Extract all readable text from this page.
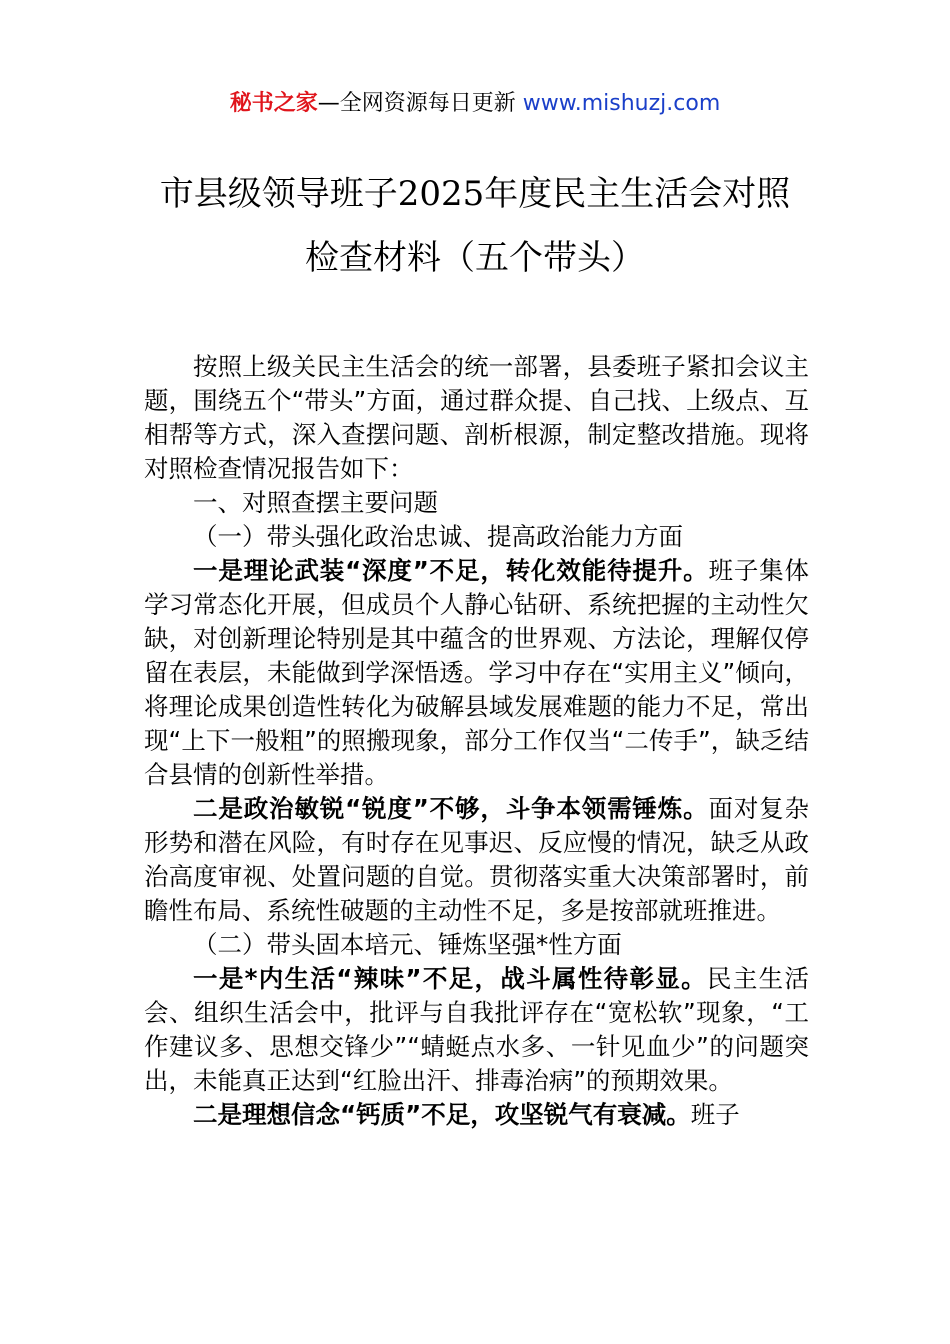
秘书之家—全网资源每日更新 www.mishuzj.com
市县级领导班子2025年度民主生活会对照
检查材料（五个带头）

按照上级关民主生活会的统一部署，县委班子紧扣会议主题，围绕五个“带头”方面，通过群众提、自己找、上级点、互相帮等方式，深入查摆问题、剖析根源，制定整改措施。现将对照检查情况报告如下：

一、对照查摆主要问题

（一）带头强化政治忠诚、提高政治能力方面

一是理论武装“深度”不足，转化效能待提升。班子集体学习常态化开展，但成员个人静心钻研、系统把握的主动性欠缺，对创新理论特别是其中蕴含的世界观、方法论，理解仅停留在表层，未能做到学深悟透。学习中存在“实用主义”倾向，将理论成果创造性转化为破解县域发展难题的能力不足，常出现“上下一般粗”的照搬现象，部分工作仅当“二传手”，缺乏结合县情的创新性举措。

二是政治敏锐“锐度”不够，斗争本领需锤炼。面对复杂形势和潜在风险，有时存在见事迟、反应慢的情况，缺乏从政治高度审视、处置问题的自觉。贯彻落实重大决策部署时，前瞻性布局、系统性破题的主动性不足，多是按部就班推进。

（二）带头固本培元、锤炼坚强*性方面

一是*内生活“辣味”不足，战斗属性待彰显。民主生活会、组织生活会中，批评与自我批评存在“宽松软”现象，“工作建议多、思想交锋少”“蜻蜓点水多、一针见血少”的问题突出，未能真正达到“红脸出汗、排毒治病”的预期效果。

二是理想信念“钙质”不足，攻坚锐气有衰减。班子
